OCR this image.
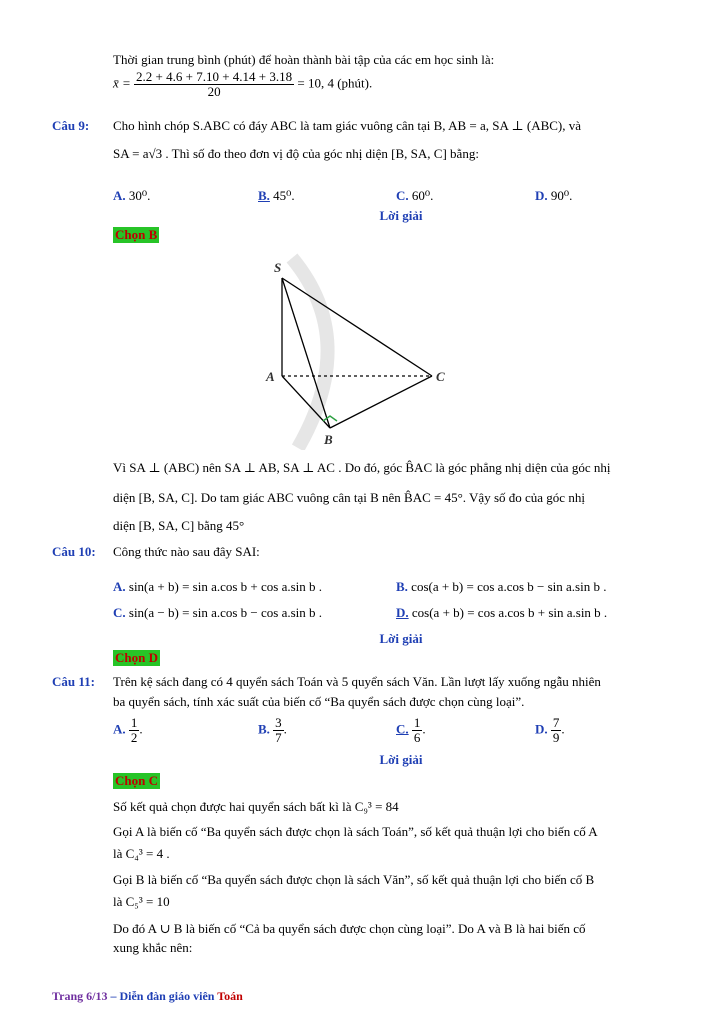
Thời gian trung bình (phút) để hoàn thành bài tập của các em học sinh là:
x̄ = $\frac{2.2 + 4.6 + 7.10 + 4.14 + 3.18}{20} = 10$, 4 (phút).
Câu 9: Cho hình chóp S.ABC có đáy ABC là tam giác vuông cân tại B, AB = a, SA ⊥ (ABC), và
SA = a√3 . Thì số đo theo đơn vị độ của góc nhị diện [B, SA, C] bằng:
A. 30⁰.	B. 45⁰.	C. 60⁰.	D. 90⁰.
Lời giải
Chọn B
S
A
B
C
Vì SA ⊥ (ABC) nên SA ⊥ AB, SA ⊥ AC . Do đó, góc B̂AC là góc phẳng nhị diện của góc nhị
diện [B, SA, C]. Do tam giác ABC vuông cân tại B nên B̂AC = 45°. Vậy số đo của góc nhị
diện [B, SA, C] bằng 45°
Câu 10: Công thức nào sau đây SAI:
A. sin(a + b) = sin a.cos b + cos a.sin b .	B. cos(a + b) = cos a.cos b − sin a.sin b .
C. sin(a − b) = sin a.cos b − cos a.sin b .	D. cos(a + b) = cos a.cos b + sin a.sin b .
Lời giải
Chọn D
Câu 11: Trên kệ sách đang có 4 quyển sách Toán và 5 quyển sách Văn. Lần lượt lấy xuống ngẫu nhiên
ba quyển sách, tính xác suất của biến cố “Ba quyển sách được chọn cùng loại”.
A. $\frac{1}{2}$ .	B. $\frac{3}{7}$ .	C. $\frac{1}{6}$ .	D. $\frac{7}{9}$ .
Lời giải
Chọn C
Số kết quả chọn được hai quyển sách bất kì là C₉³ = 84
Gọi A là biến cố “Ba quyển sách được chọn là sách Toán”, số kết quả thuận lợi cho biến cố A
là C₄³ = 4 .
Gọi B là biến cố “Ba quyển sách được chọn là sách Văn”, số kết quả thuận lợi cho biến cố B
là C₅³ = 10
Do đó A ∪ B là biến cố “Cả ba quyển sách được chọn cùng loại”. Do A và B là hai biến cố
xung khắc nên:
Trang 6/13 – Diễn đàn giáo viên Toán
